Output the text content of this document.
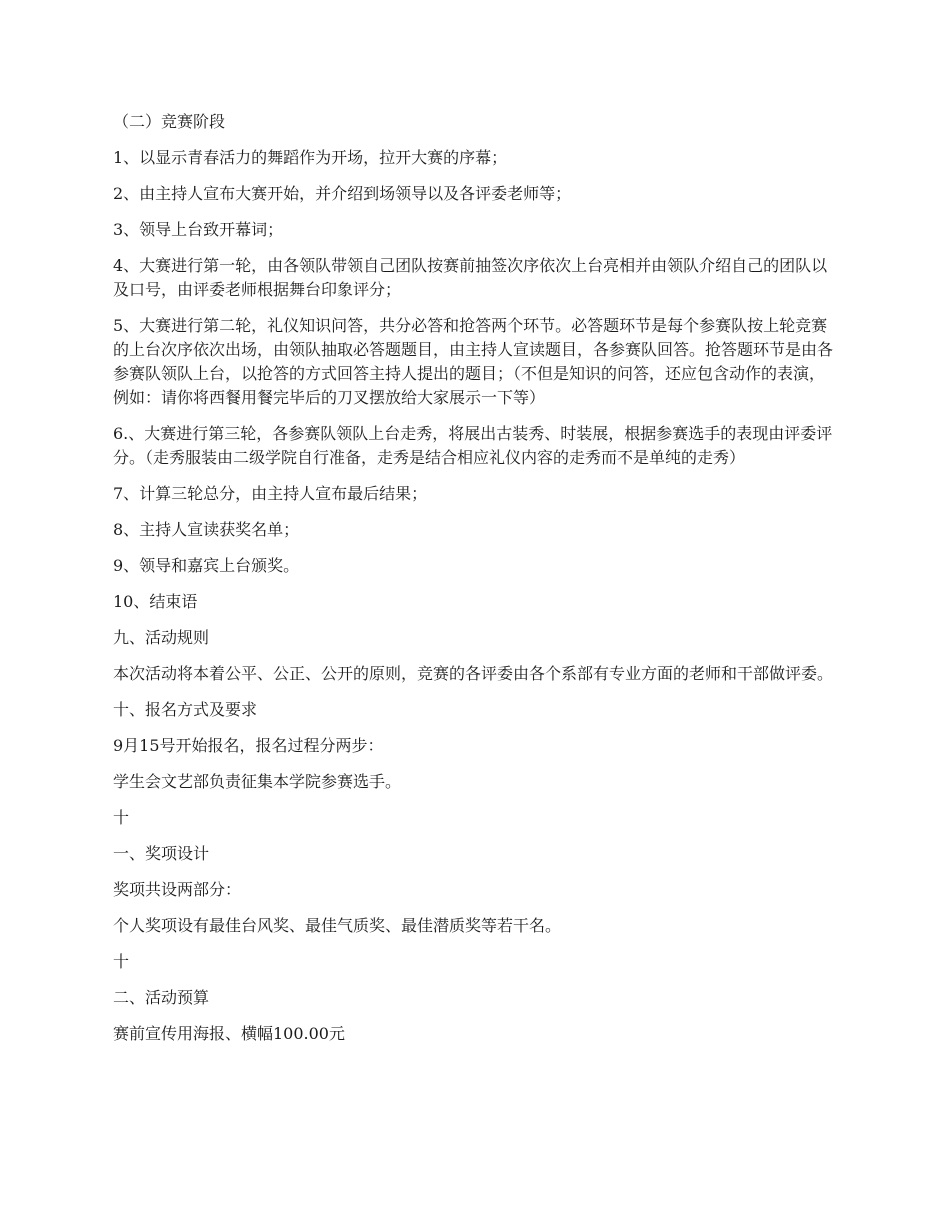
（二）竞赛阶段

1、以显示青春活力的舞蹈作为开场，拉开大赛的序幕；

2、由主持人宣布大赛开始，并介绍到场领导以及各评委老师等；

3、领导上台致开幕词；

4、大赛进行第一轮，由各领队带领自己团队按赛前抽签次序依次上台亮相并由领队介绍自己的团队以及口号，由评委老师根据舞台印象评分；

5、大赛进行第二轮，礼仪知识问答，共分必答和抢答两个环节。必答题环节是每个参赛队按上轮竞赛的上台次序依次出场，由领队抽取必答题题目，由主持人宣读题目，各参赛队回答。抢答题环节是由各参赛队领队上台，以抢答的方式回答主持人提出的题目；（不但是知识的问答，还应包含动作的表演，例如：请你将西餐用餐完毕后的刀叉摆放给大家展示一下等）

6.、大赛进行第三轮，各参赛队领队上台走秀，将展出古装秀、时装展，根据参赛选手的表现由评委评分。（走秀服装由二级学院自行准备，走秀是结合相应礼仪内容的走秀而不是单纯的走秀）

7、计算三轮总分，由主持人宣布最后结果；

8、主持人宣读获奖名单；

9、领导和嘉宾上台颁奖。

10、结束语

九、活动规则

本次活动将本着公平、公正、公开的原则，竞赛的各评委由各个系部有专业方面的老师和干部做评委。

十、报名方式及要求

9月15号开始报名，报名过程分两步：

学生会文艺部负责征集本学院参赛选手。

十

一、奖项设计

奖项共设两部分：

个人奖项设有最佳台风奖、最佳气质奖、最佳潜质奖等若干名。

十

二、活动预算

赛前宣传用海报、横幅100.00元
